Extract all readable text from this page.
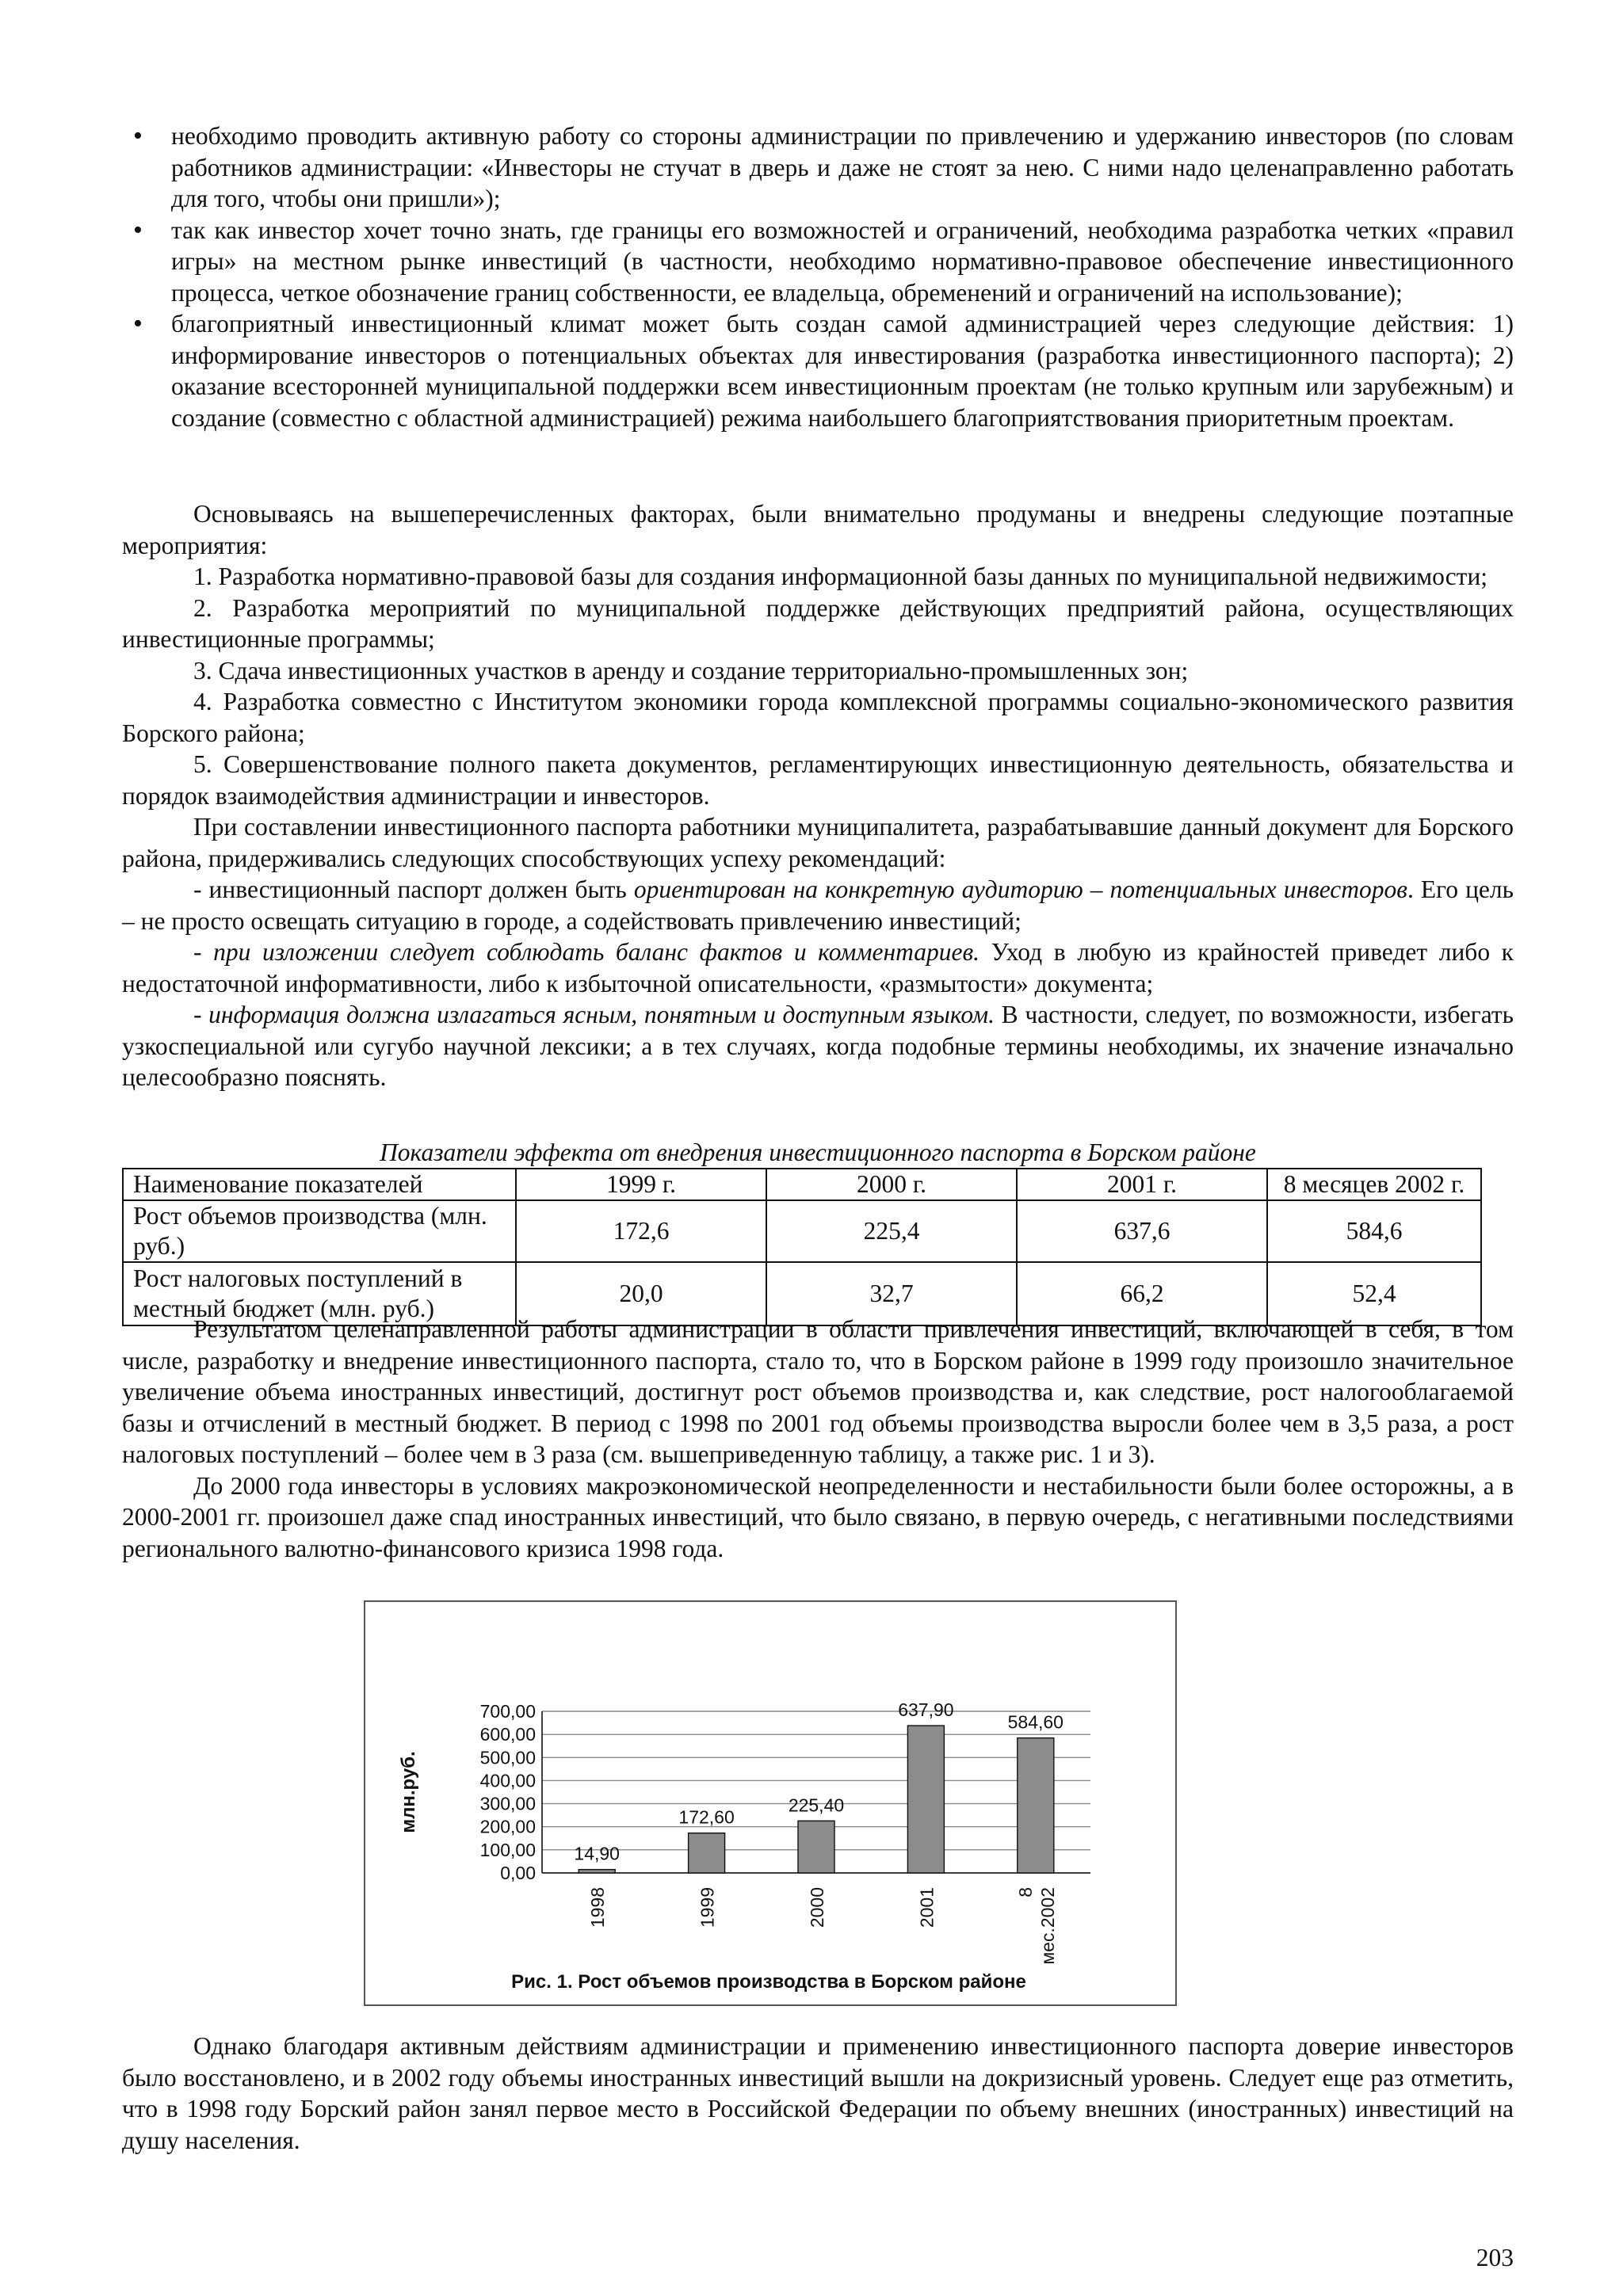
• необходимо проводить активную работу со стороны администрации по привлечению и удержанию инвесторов (по словам работников администрации: «Инвесторы не стучат в дверь и даже не стоят за нею. С ними надо целенаправленно работать для того, чтобы они пришли»);
• так как инвестор хочет точно знать, где границы его возможностей и ограничений, необходима разработка четких «правил игры» на местном рынке инвестиций (в частности, необходимо нормативно-правовое обеспечение инвестиционного процесса, четкое обозначение границ собственности, ее владельца, обременений и ограничений на использование);
• благоприятный инвестиционный климат может быть создан самой администрацией через следующие действия: 1) информирование инвесторов о потенциальных объектах для инвестирования (разработка инвестиционного паспорта); 2) оказание всесторонней муниципальной поддержки всем инвестиционным проектам (не только крупным или зарубежным) и создание (совместно с областной администрацией) режима наибольшего благоприятствования приоритетным проектам.

Основываясь на вышеперечисленных факторах, были внимательно продуманы и внедрены следующие поэтапные мероприятия:

1. Разработка нормативно-правовой базы для создания информационной базы данных по муниципальной недвижимости;

2. Разработка мероприятий по муниципальной поддержке действующих предприятий района, осуществляющих инвестиционные программы;

3. Сдача инвестиционных участков в аренду и создание территориально-промышленных зон;

4. Разработка совместно с Институтом экономики города комплексной программы социально-экономического развития Борского района;

5. Совершенствование полного пакета документов, регламентирующих инвестиционную деятельность, обязательства и порядок взаимодействия администрации и инвесторов.

При составлении инвестиционного паспорта работники муниципалитета, разрабатывавшие данный документ для Борского района, придерживались следующих способствующих успеху рекомендаций:

- инвестиционный паспорт должен быть ориентирован на конкретную аудиторию – потенциальных инвесторов. Его цель – не просто освещать ситуацию в городе, а содействовать привлечению инвестиций;

- при изложении следует соблюдать баланс фактов и комментариев. Уход в любую из крайностей приведет либо к недостаточной информативности, либо к избыточной описательности, «размытости» документа;

- информация должна излагаться ясным, понятным и доступным языком. В частности, следует, по возможности, избегать узкоспециальной или сугубо научной лексики; а в тех случаях, когда подобные термины необходимы, их значение изначально целесообразно пояснять.

Показатели эффекта от внедрения инвестиционного паспорта в Борском районе
Наименование показателей	1999 г.	2000 г.	2001 г.	8 месяцев 2002 г.
Рост объемов производства (млн. руб.)	172,6	225,4	637,6	584,6
Рост налоговых поступлений в местный бюджет (млн. руб.)	20,0	32,7	66,2	52,4

Результатом целенаправленной работы администрации в области привлечения инвестиций, включающей в себя, в том числе, разработку и внедрение инвестиционного паспорта, стало то, что в Борском районе в 1999 году произошло значительное увеличение объема иностранных инвестиций, достигнут рост объемов производства и, как следствие, рост налогооблагаемой базы и отчислений в местный бюджет. В период с 1998 по 2001 год объемы производства выросли более чем в 3,5 раза, а рост налоговых поступлений – более чем в 3 раза (см. вышеприведенную таблицу, а также рис. 1 и 3).

До 2000 года инвесторы в условиях макроэкономической неопределенности и нестабильности были более осторожны, а в 2000-2001 гг. произошел даже спад иностранных инвестиций, что было связано, в первую очередь, с негативными последствиями регионального валютно-финансового кризиса 1998 года.

0,00
100,00
200,00
300,00
400,00
500,00
600,00
700,00
млн.руб.
14,90
1998
172,60
1999
225,40
2000
637,90
2001
584,60
8 мес.2002
Рис. 1. Рост объемов производства в Борском районе

Однако благодаря активным действиям администрации и применению инвестиционного паспорта доверие инвесторов было восстановлено, и в 2002 году объемы иностранных инвестиций вышли на докризисный уровень. Следует еще раз отметить, что в 1998 году Борский район занял первое место в Российской Федерации по объему внешних (иностранных) инвестиций на душу населения.

203
